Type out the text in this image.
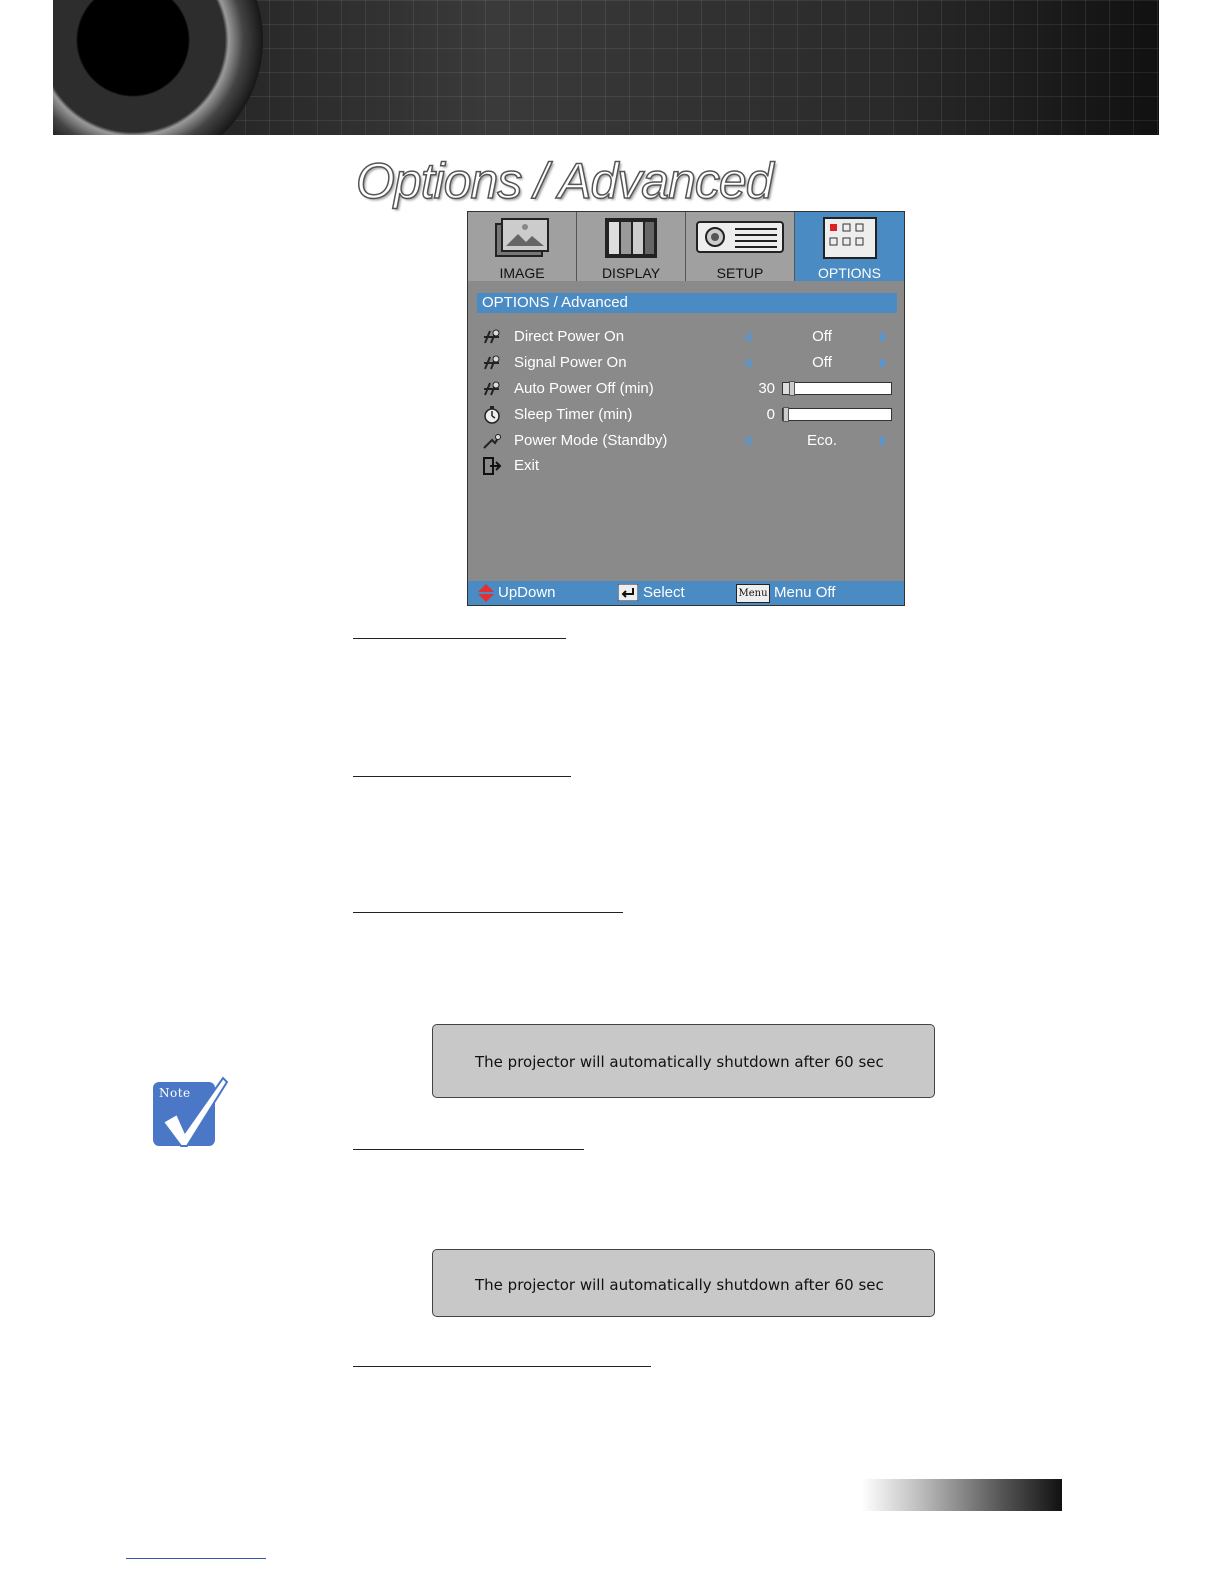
Options / Advanced
IMAGE	DISPLAY	SETUP	OPTIONS
OPTIONS / Advanced
Direct Power On	Off
Signal Power On	Off
Auto Power Off (min)	30
Sleep Timer (min)	0
Power Mode (Standby)	Eco.
Exit
UpDown	Select	Menu Menu Off
The projector will automatically shutdown after 60 sec
The projector will automatically shutdown after 60 sec
Note
